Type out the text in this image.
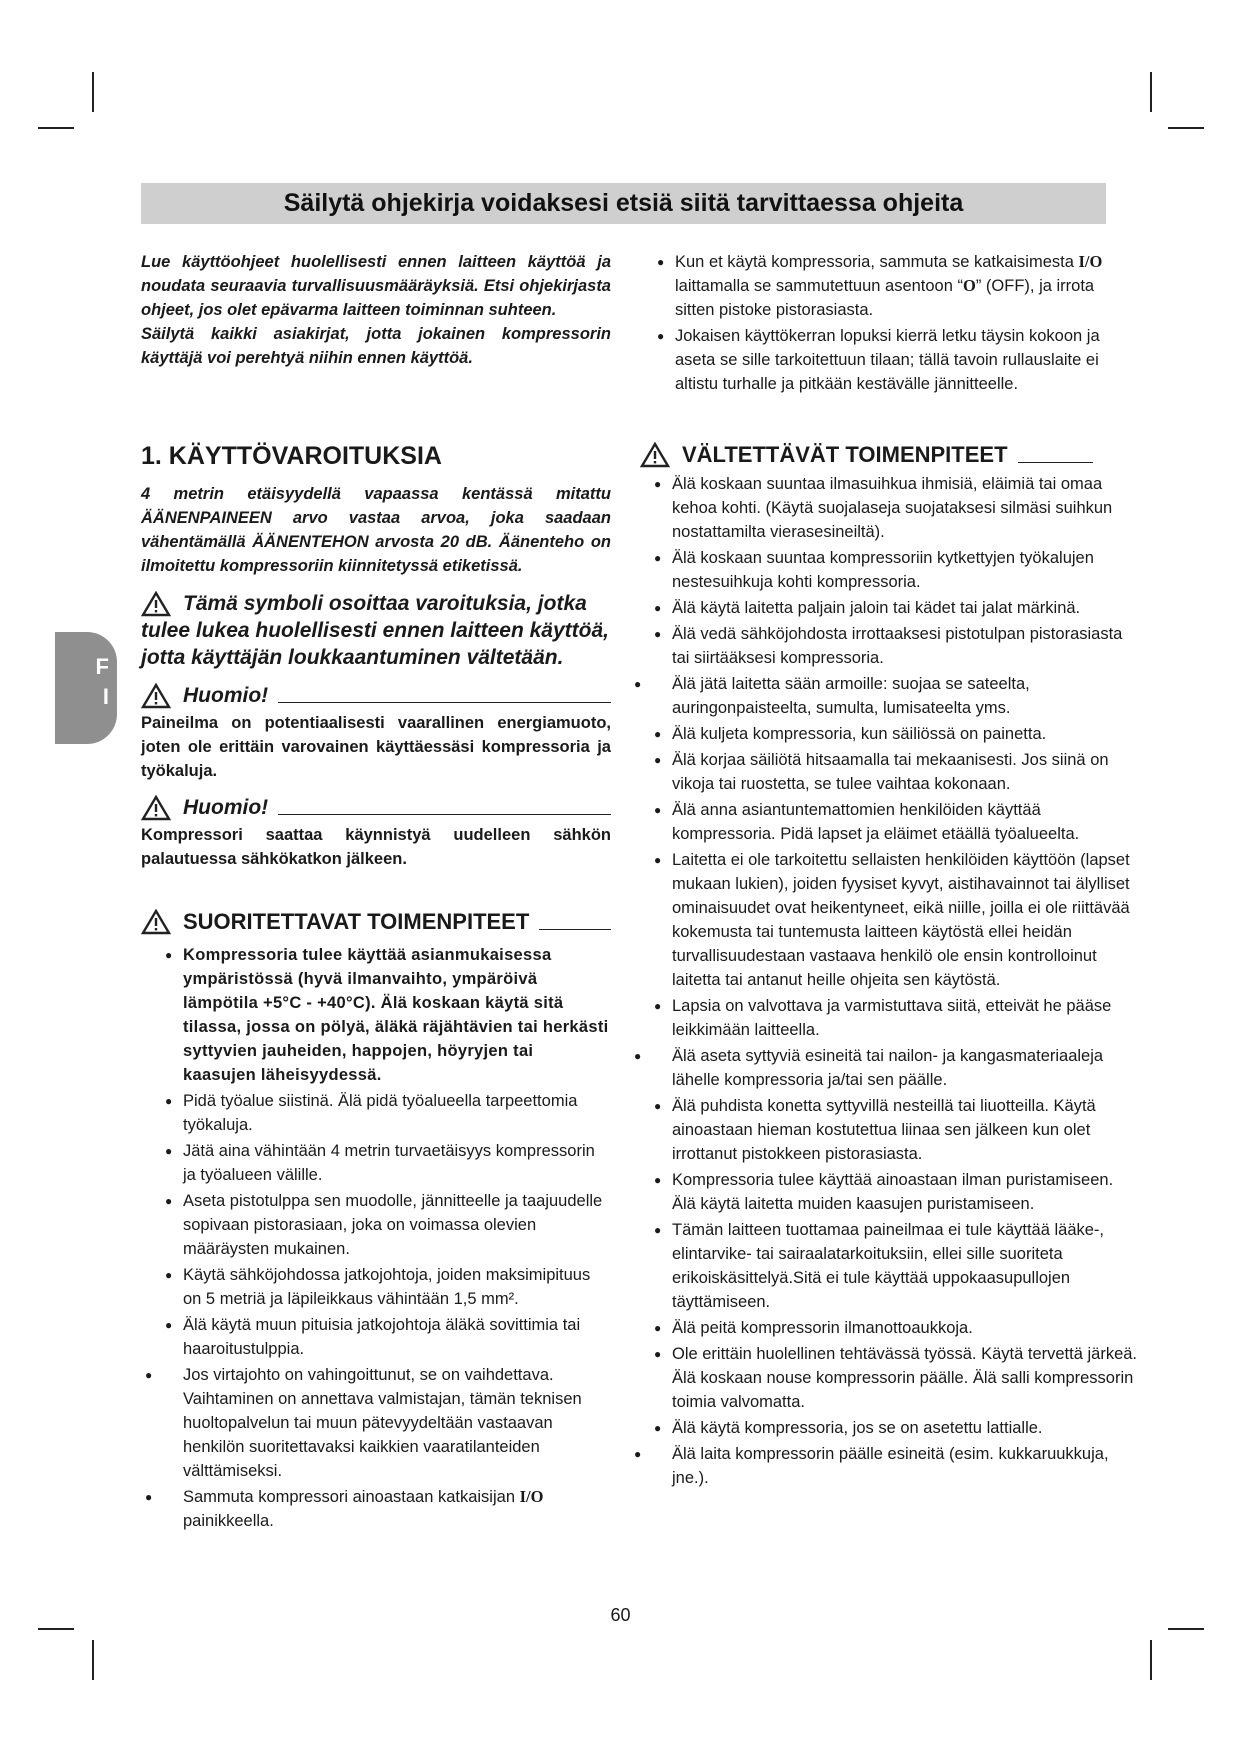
Säilytä ohjekirja voidaksesi etsiä siitä tarvittaessa ohjeita

Lue käyttöohjeet huolellisesti ennen laitteen käyttöä ja noudata seuraavia turvallisuusmääräyksiä. Etsi ohjekirjasta ohjeet, jos olet epävarma laitteen toiminnan suhteen.

Säilytä kaikki asiakirjat, jotta jokainen kompressorin käyttäjä voi perehtyä niihin ennen käyttöä.

● Kun et käytä kompressoria, sammuta se katkaisimesta I/O laittamalla se sammutettuun asentoon “O” (OFF), ja irrota sitten pistoke pistorasiasta.
● Jokaisen käyttökerran lopuksi kierrä letku täysin kokoon ja aseta se sille tarkoitettuun tilaan; tällä tavoin rullauslaite ei altistu turhalle ja pitkään kestävälle jännitteelle.
F
I
1. KÄYTTÖVAROITUKSIA

4 metrin etäisyydellä vapaassa kentässä mitattu ÄÄNENPAINEEN arvo vastaa arvoa, joka saadaan vähentämällä ÄÄNENTEHON arvosta 20 dB. Äänenteho on ilmoitettu kompressoriin kiinnitetyssä etiketissä.

Tämä symboli osoittaa varoituksia, jotka tulee lukea huolellisesti ennen laitteen käyttöä, jotta käyttäjän loukkaantuminen vältetään.
Huomio!

Paineilma on potentiaalisesti vaarallinen energiamuoto, joten ole erittäin varovainen käyttäessäsi kompressoria ja työkaluja.

Huomio!

Kompressori saattaa käynnistyä uudelleen sähkön palautuessa sähkökatkon jälkeen.

SUORITETTAVAT TOIMENPITEET
● Kompressoria tulee käyttää asianmukaisessa ympäristössä (hyvä ilmanvaihto, ympäröivä lämpötila +5°C - +40°C). Älä koskaan käytä sitä tilassa, jossa on pölyä, äläkä räjähtävien tai herkästi syttyvien jauheiden, happojen, höyryjen tai kaasujen läheisyydessä.
● Pidä työalue siistinä. Älä pidä työalueella tarpeettomia työkaluja.
● Jätä aina vähintään 4 metrin turvaetäisyys kompressorin ja työalueen välille.
● Aseta pistotulppa sen muodolle, jännitteelle ja taajuudelle sopivaan pistorasiaan, joka on voimassa olevien määräysten mukainen.
● Käytä sähköjohdossa jatkojohtoja, joiden maksimipituus on 5 metriä ja läpileikkaus vähintään 1,5 mm².
● Älä käytä muun pituisia jatkojohtoja äläkä sovittimia tai haaroitustulppia.
● Jos virtajohto on vahingoittunut, se on vaihdettava. Vaihtaminen on annettava valmistajan, tämän teknisen huoltopalvelun tai muun pätevyydeltään vastaavan henkilön suoritettavaksi kaikkien vaaratilanteiden välttämiseksi.
● Sammuta kompressori ainoastaan katkaisijan I/O painikkeella.
VÄLTETTÄVÄT TOIMENPITEET
● Älä koskaan suuntaa ilmasuihkua ihmisiä, eläimiä tai omaa kehoa kohti. (Käytä suojalaseja suojataksesi silmäsi suihkun nostattamilta vierasesineiltä).
● Älä koskaan suuntaa kompressoriin kytkettyjen työkalujen nestesuihkuja kohti kompressoria.
● Älä käytä laitetta paljain jaloin tai kädet tai jalat märkinä.
● Älä vedä sähköjohdosta irrottaaksesi pistotulpan pistorasiasta tai siirtääksesi kompressoria.
● Älä jätä laitetta sään armoille: suojaa se sateelta, auringonpaisteelta, sumulta, lumisateelta yms.
● Älä kuljeta kompressoria, kun säiliössä on painetta.
● Älä korjaa säiliötä hitsaamalla tai mekaanisesti. Jos siinä on vikoja tai ruostetta, se tulee vaihtaa kokonaan.
● Älä anna asiantuntemattomien henkilöiden käyttää kompressoria. Pidä lapset ja eläimet etäällä työalueelta.
● Laitetta ei ole tarkoitettu sellaisten henkilöiden käyttöön (lapset mukaan lukien), joiden fyysiset kyvyt, aistihavainnot tai älylliset ominaisuudet ovat heikentyneet, eikä niille, joilla ei ole riittävää kokemusta tai tuntemusta laitteen käytöstä ellei heidän turvallisuudestaan vastaava henkilö ole ensin kontrolloinut laitetta tai antanut heille ohjeita sen käytöstä.
● Lapsia on valvottava ja varmistuttava siitä, etteivät he pääse leikkimään laitteella.
● Älä aseta syttyviä esineitä tai nailon- ja kangasmateriaaleja lähelle kompressoria ja/tai sen päälle.
● Älä puhdista konetta syttyvillä nesteillä tai liuotteilla. Käytä ainoastaan hieman kostutettua liinaa sen jälkeen kun olet irrottanut pistokkeen pistorasiasta.
● Kompressoria tulee käyttää ainoastaan ilman puristamiseen. Älä käytä laitetta muiden kaasujen puristamiseen.
● Tämän laitteen tuottamaa paineilmaa ei tule käyttää lääke-, elintarvike- tai sairaalatarkoituksiin, ellei sille suoriteta erikoiskäsittelyä.Sitä ei tule käyttää uppokaasupullojen täyttämiseen.
● Älä peitä kompressorin ilmanottoaukkoja.
● Ole erittäin huolellinen tehtävässä työssä. Käytä tervettä järkeä. Älä koskaan nouse kompressorin päälle. Älä salli kompressorin toimia valvomatta.
● Älä käytä kompressoria, jos se on asetettu lattialle.
● Älä laita kompressorin päälle esineitä (esim. kukkaruukkuja, jne.).
60
